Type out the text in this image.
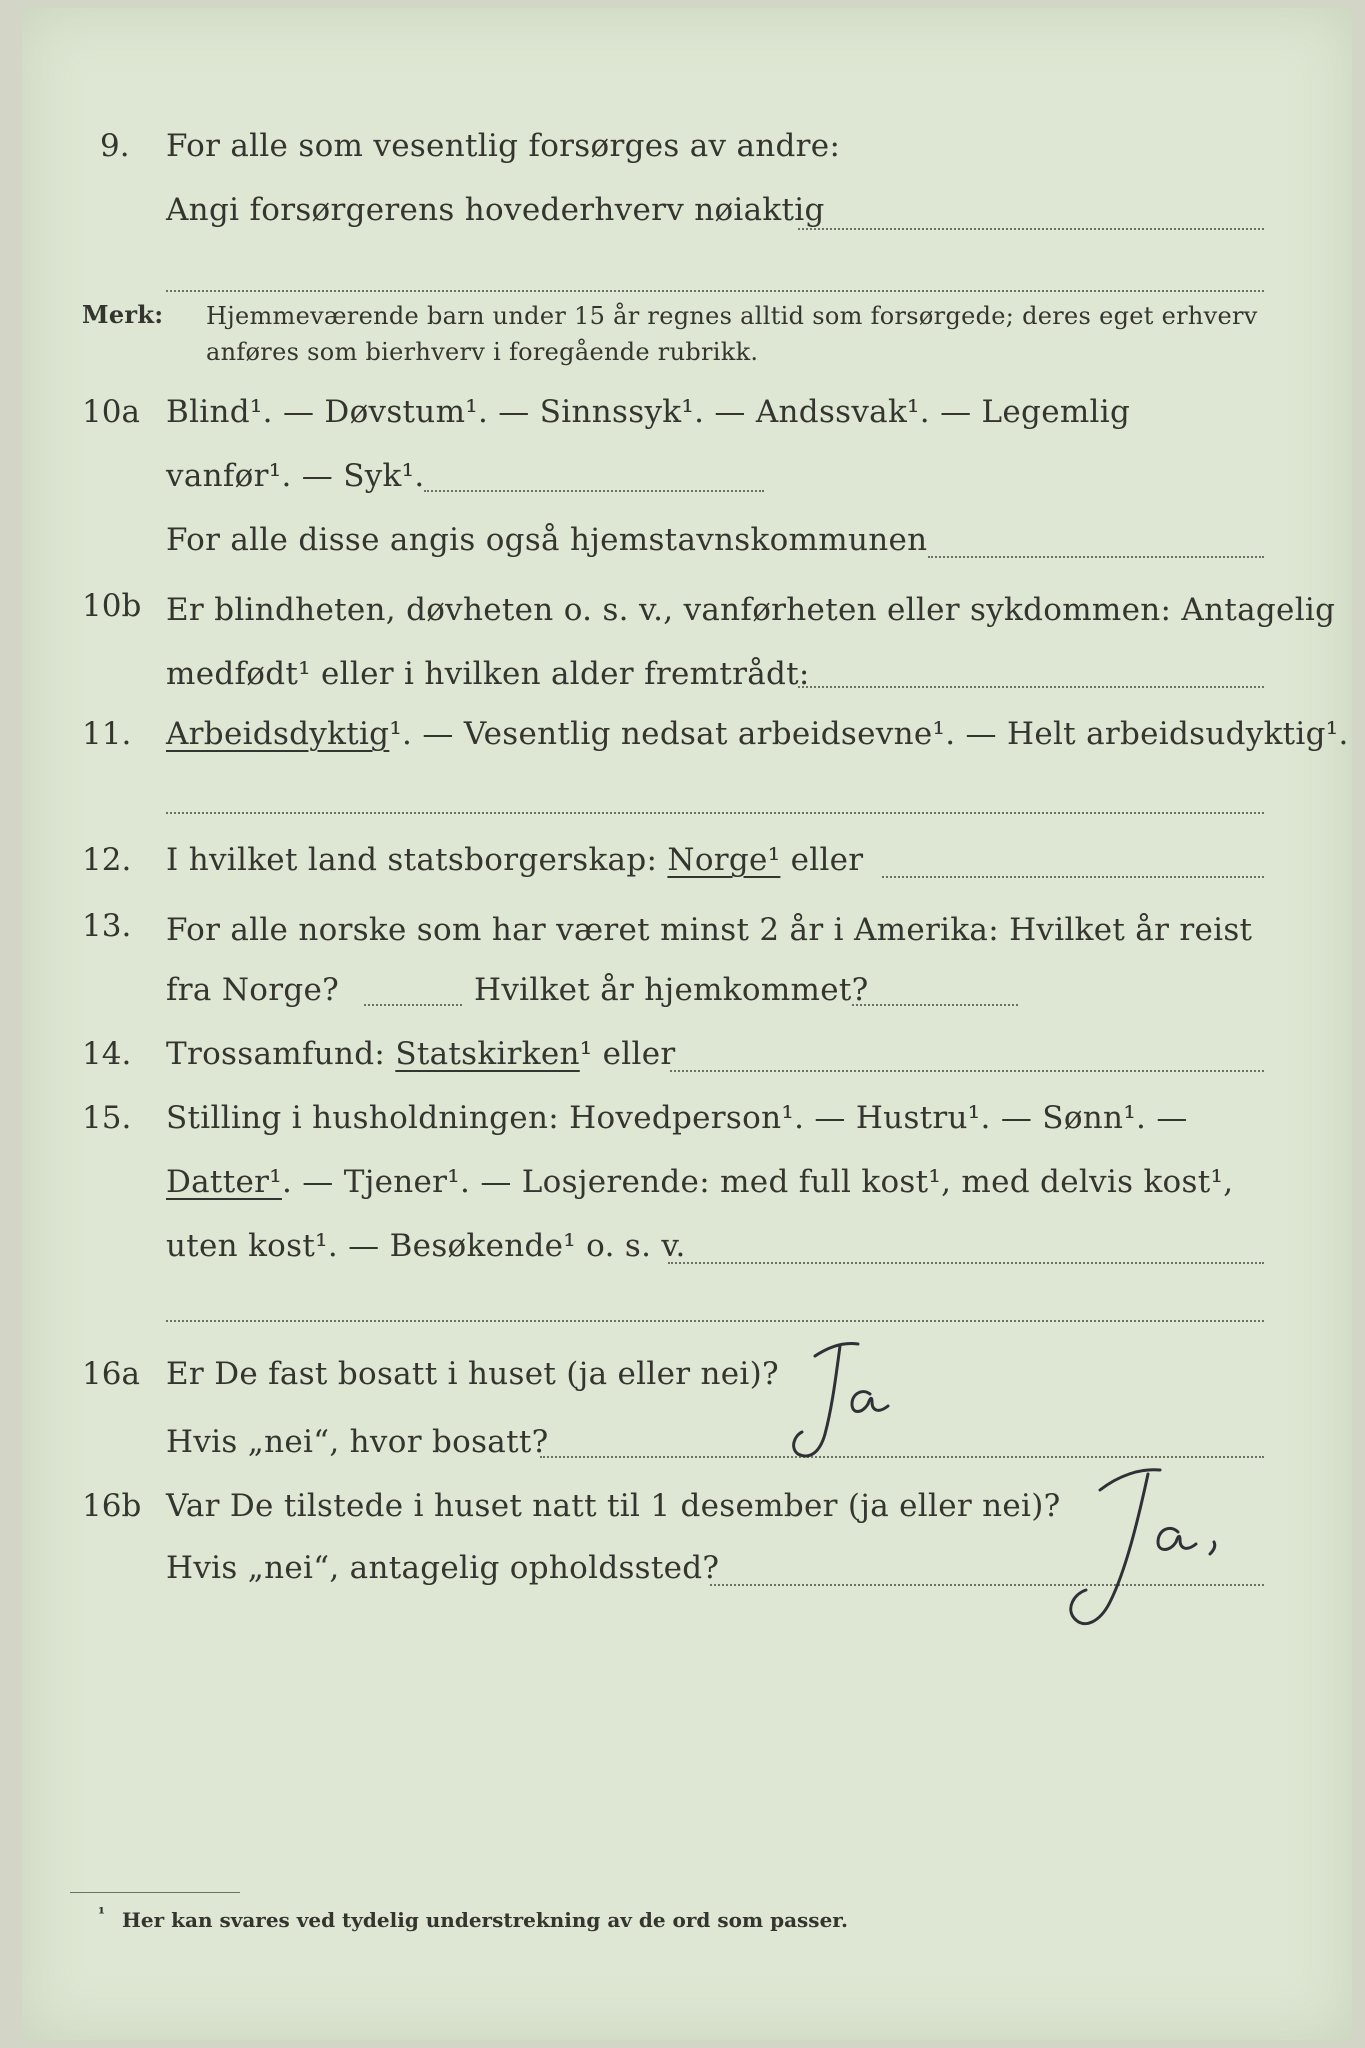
9. For alle som vesentlig forsørges av andre:
Angi forsørgerens hovederhverv nøiaktig
Merk: Hjemmeværende barn under 15 år regnes alltid som forsørgede; deres eget erhverv
anføres som bierhverv i foregående rubrikk.
10a Blind¹. — Døvstum¹. — Sinnssyk¹. — Andssvak¹. — Legemlig
vanfør¹. — Syk¹.
For alle disse angis også hjemstavnskommunen
10b Er blindheten, døvheten o. s. v., vanførheten eller sykdommen: Antagelig
medfødt¹ eller i hvilken alder fremtrådt:
11. Arbeidsdyktig¹. — Vesentlig nedsat arbeidsevne¹. — Helt arbeidsudyktig¹.
12. I hvilket land statsborgerskap: Norge¹ eller
13. For alle norske som har været minst 2 år i Amerika: Hvilket år reist
fra Norge?	Hvilket år hjemkommet?
14. Trossamfund: Statskirken¹ eller
15. Stilling i husholdningen: Hovedperson¹. — Hustru¹. — Sønn¹. —
Datter¹. — Tjener¹. — Losjerende: med full kost¹, med delvis kost¹,
uten kost¹. — Besøkende¹ o. s. v.
16a Er De fast bosatt i huset (ja eller nei)?
Hvis „nei“, hvor bosatt?
16b Var De tilstede i huset natt til 1 desember (ja eller nei)?
Hvis „nei“, antagelig opholdssted?
¹ Her kan svares ved tydelig understrekning av de ord som passer.
